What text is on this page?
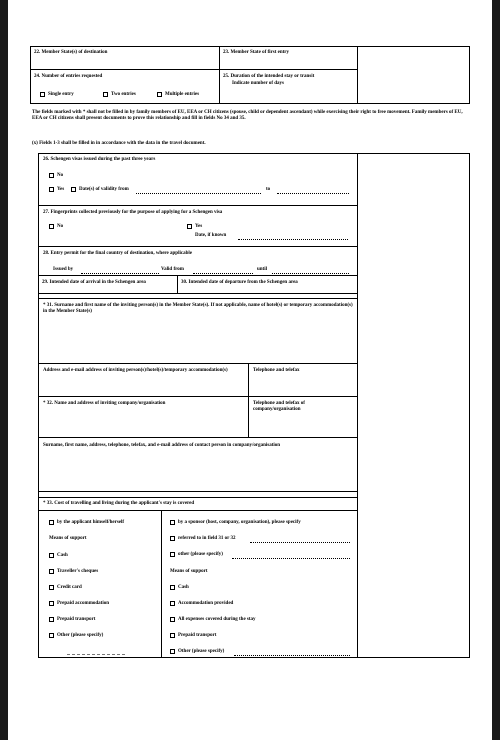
22. Member State(s) of destination	23. Member State of first entry
24. Number of entries requested
Single entry	Two entries	Multiple entries
25. Duration of the intended stay or transit
Indicate number of days
The fields marked with * shall not be filled in by family members of EU, EEA or CH citizens (spouse, child or dependent ascendant) while exercising their right to free movement. Family members of EU, EEA or CH citizens shall present documents to prove this relationship and fill in fields No 34 and 35.
(x) Fields 1-3 shall be filled in in accordance with the data in the travel document.
26. Schengen visas issued during the past three years
No
Yes	Date(s) of validity from	to
27. Fingerprints collected previously for the purpose of applying for a Schengen visa
No	Yes
Date, if known
28. Entry permit for the final country of destination, where applicable
Issued by	Valid from	until
29. Intended date of arrival in the Schengen area	30. Intended date of departure from the Schengen area
* 31. Surname and first name of the inviting person(s) in the Member State(s). If not applicable, name of hotel(s) or temporary accommodation(s) in the Member State(s)
Address and e-mail address of inviting person(s)/hotel(s)/temporary accommodation(s)	Telephone and telefax
* 32. Name and address of inviting company/organisation	Telephone and telefax of company/organisation
Surname, first name, address, telephone, telefax, and e-mail address of contact person in company/organisation
* 33. Cost of travelling and living during the applicant's stay is covered
by the applicant himself/herself
Means of support
Cash
Traveller's cheques
Credit card
Prepaid accommodation
Prepaid transport
Other (please specify)
by a sponsor (host, company, organisation), please specify
referred to in field 31 or 32
other (please specify)
Means of support
Cash
Accommodation provided
All expenses covered during the stay
Prepaid transport
Other (please specify)
